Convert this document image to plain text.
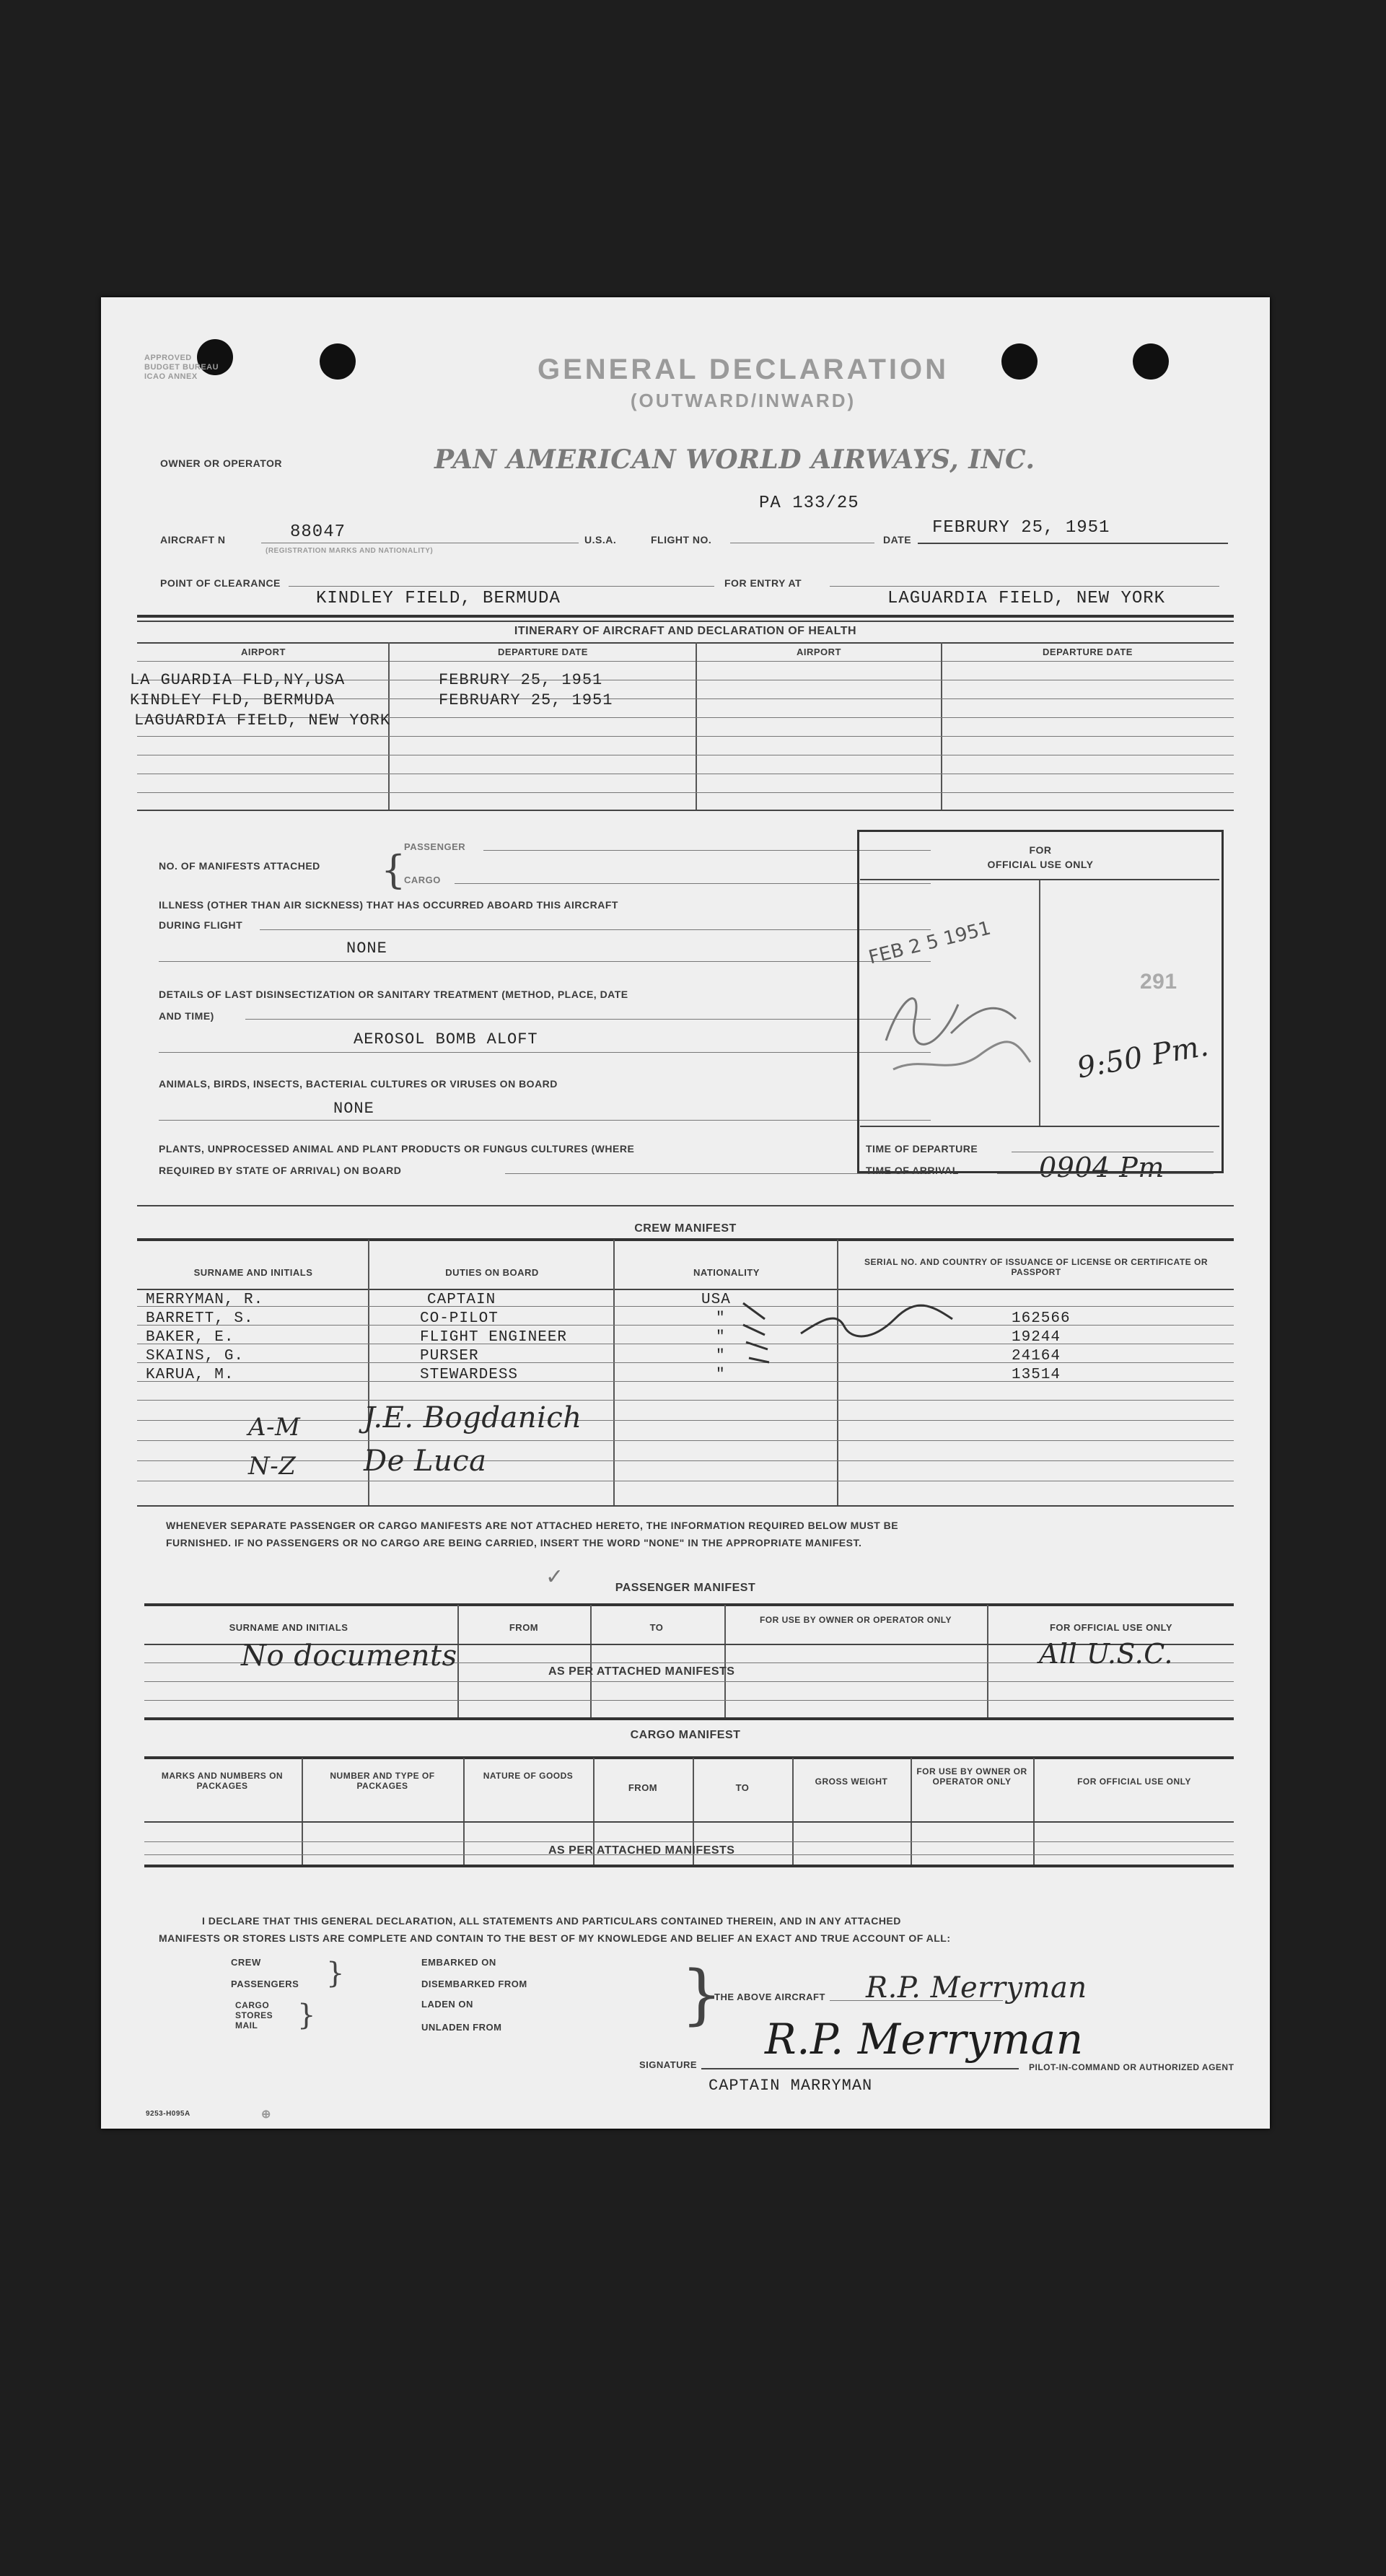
APPROVED
BUDGET BUREAU
ICAO ANNEX	GENERAL DECLARATION
(OUTWARD/INWARD)
OWNER OR OPERATOR	PAN AMERICAN WORLD AIRWAYS, INC.
PA 133/25
AIRCRAFT N	88047
(REGISTRATION MARKS AND NATIONALITY)
U.S.A.	FLIGHT NO.	DATE
FEBRURY 25, 1951
POINT OF CLEARANCE
KINDLEY FIELD, BERMUDA
FOR ENTRY AT
LAGUARDIA FIELD, NEW YORK
ITINERARY OF AIRCRAFT AND DECLARATION OF HEALTH
AIRPORT	DEPARTURE DATE	AIRPORT	DEPARTURE DATE
LA GUARDIA FLD,NY,USA	FEBRURY 25, 1951
KINDLEY FLD, BERMUDA	FEBRUARY 25, 1951
LAGUARDIA FIELD, NEW YORK
NO. OF MANIFESTS ATTACHED {
PASSENGER
CARGO
ILLNESS (OTHER THAN AIR SICKNESS) THAT HAS OCCURRED ABOARD THIS AIRCRAFT
DURING FLIGHT
NONE
DETAILS OF LAST DISINSECTIZATION OR SANITARY TREATMENT (METHOD, PLACE, DATE
AND TIME)
AEROSOL BOMB ALOFT
ANIMALS, BIRDS, INSECTS, BACTERIAL CULTURES OR VIRUSES ON BOARD
NONE
PLANTS, UNPROCESSED ANIMAL AND PLANT PRODUCTS OR FUNGUS CULTURES (WHERE
REQUIRED BY STATE OF ARRIVAL) ON BOARD
FOR
OFFICIAL USE ONLY
FEB 2 5 1951
291
9:50 Pm.
TIME OF DEPARTURE
TIME OF ARRIVAL	0904 Pm
CREW MANIFEST
SURNAME AND INITIALS	DUTIES ON BOARD	NATIONALITY
SERIAL NO. AND COUNTRY OF ISSUANCE OF LICENSE OR CERTIFICATE OR PASSPORT
MERRYMAN, R.	CAPTAIN	USA
BARRETT, S.	CO-PILOT	"	162566
BAKER, E.	FLIGHT ENGINEER	"	19244
SKAINS, G.	PURSER	"	24164
KARUA, M.	STEWARDESS	"	13514
A-M J.E. Bogdanich
N-Z De Luca
WHENEVER SEPARATE PASSENGER OR CARGO MANIFESTS ARE NOT ATTACHED HERETO, THE INFORMATION REQUIRED BELOW MUST BE
FURNISHED. IF NO PASSENGERS OR NO CARGO ARE BEING CARRIED, INSERT THE WORD "NONE" IN THE APPROPRIATE MANIFEST.
✓	PASSENGER MANIFEST
SURNAME AND INITIALS	FROM	TO
FOR USE BY OWNER OR OPERATOR ONLY
FOR OFFICIAL USE ONLY
No documents	AS PER ATTACHED MANIFESTS
All U.S.C.
CARGO MANIFEST
MARKS AND NUMBERS ON PACKAGES
NUMBER AND TYPE OF PACKAGES
NATURE OF GOODS
FROM	TO
GROSS WEIGHT
FOR USE BY OWNER OR OPERATOR ONLY	FOR OFFICIAL USE ONLY
AS PER ATTACHED MANIFESTS
I DECLARE THAT THIS GENERAL DECLARATION, ALL STATEMENTS AND PARTICULARS CONTAINED THEREIN, AND IN ANY ATTACHED
MANIFESTS OR STORES LISTS ARE COMPLETE AND CONTAIN TO THE BEST OF MY KNOWLEDGE AND BELIEF AN EXACT AND TRUE ACCOUNT OF ALL:
CREW
PASSENGERS
CARGO
STORES
MAIL
}
}
EMBARKED ON
DISEMBARKED FROM
LADEN ON
UNLADEN FROM	}
THE ABOVE AIRCRAFT R.P. Merryman
SIGNATURE
R.P. Merryman
PILOT-IN-COMMAND OR AUTHORIZED AGENT
CAPTAIN MARRYMAN
9253-H095A	⊕
